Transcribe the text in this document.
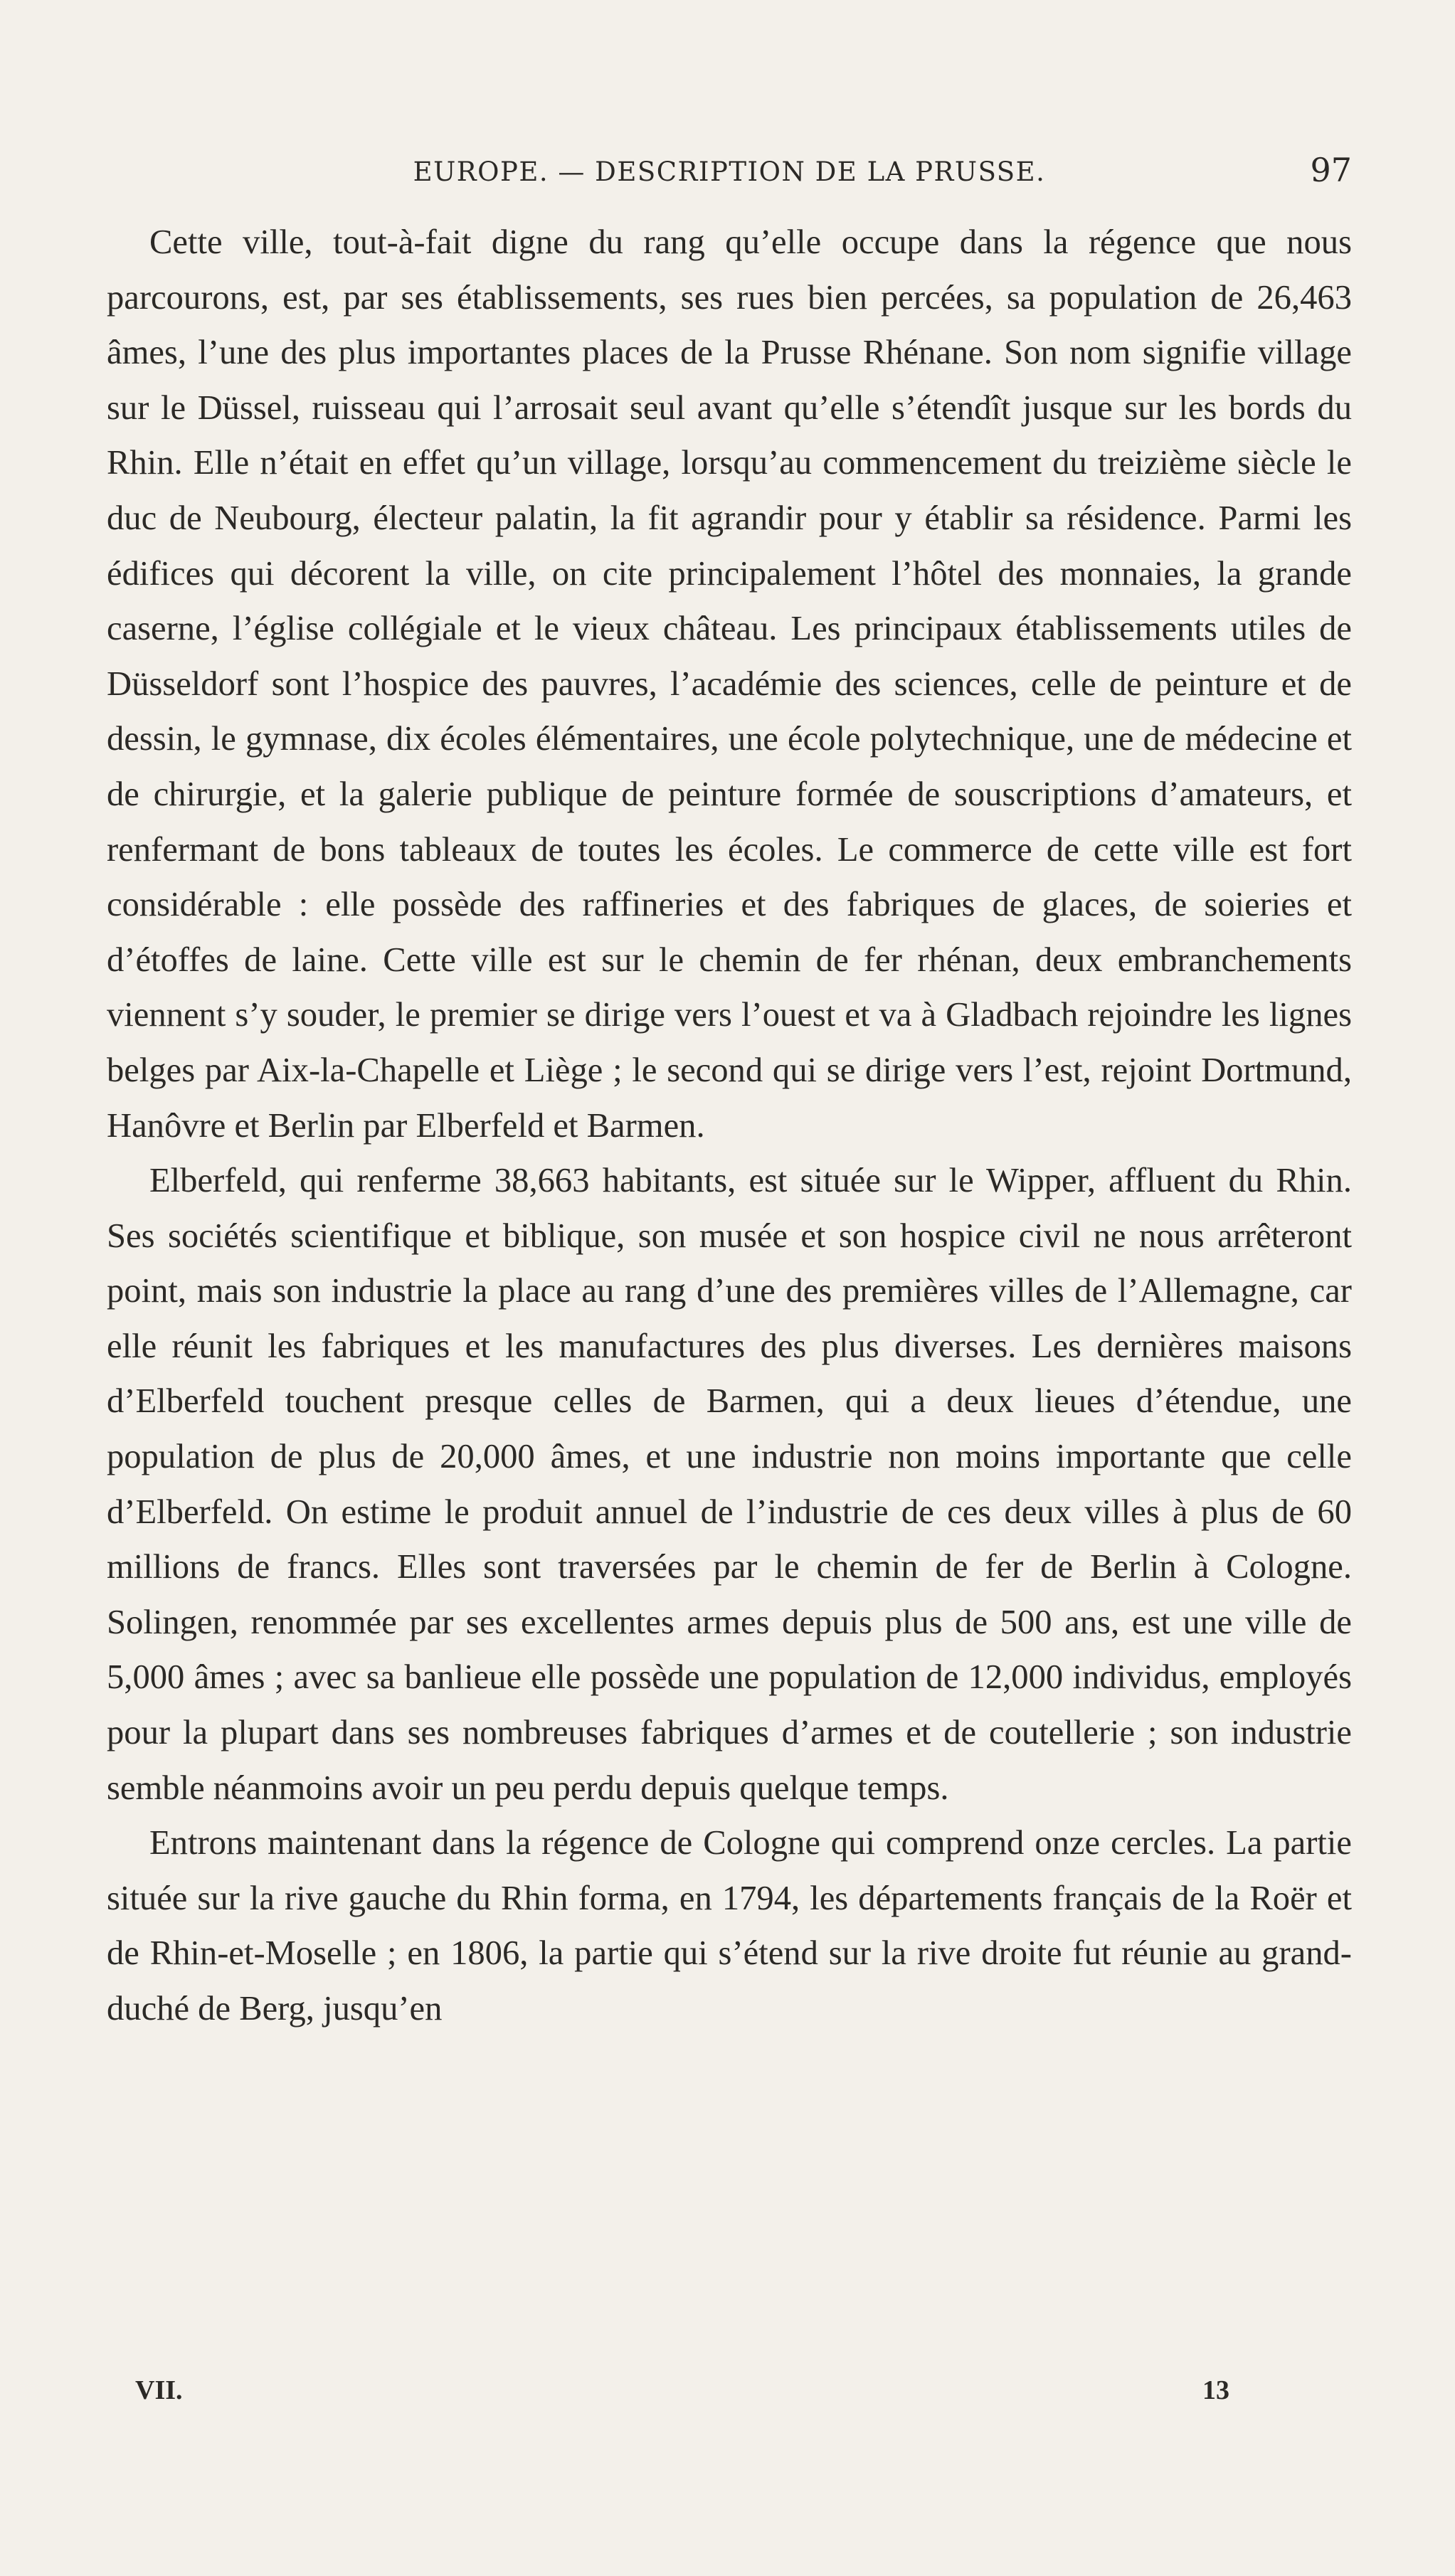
EUROPE. — DESCRIPTION DE LA PRUSSE.	97

Cette ville, tout-à-fait digne du rang qu’elle occupe dans la régence que nous parcourons, est, par ses établissements, ses rues bien percées, sa population de 26,463 âmes, l’une des plus importantes places de la Prusse Rhénane. Son nom signifie village sur le Düssel, ruisseau qui l’arrosait seul avant qu’elle s’étendît jusque sur les bords du Rhin. Elle n’était en effet qu’un village, lorsqu’au commencement du treizième siècle le duc de Neubourg, électeur palatin, la fit agrandir pour y établir sa résidence. Parmi les édifices qui décorent la ville, on cite principalement l’hôtel des monnaies, la grande caserne, l’église collégiale et le vieux château. Les principaux établissements utiles de Düsseldorf sont l’hospice des pauvres, l’académie des sciences, celle de peinture et de dessin, le gymnase, dix écoles élémentaires, une école polytechnique, une de médecine et de chirurgie, et la galerie publique de peinture formée de souscriptions d’amateurs, et renfermant de bons tableaux de toutes les écoles. Le commerce de cette ville est fort considérable : elle possède des raffineries et des fabriques de glaces, de soieries et d’étoffes de laine. Cette ville est sur le chemin de fer rhénan, deux embranchements viennent s’y souder, le premier se dirige vers l’ouest et va à Gladbach rejoindre les lignes belges par Aix-la-Chapelle et Liège ; le second qui se dirige vers l’est, rejoint Dortmund, Hanôvre et Berlin par Elberfeld et Barmen.

Elberfeld, qui renferme 38,663 habitants, est située sur le Wipper, affluent du Rhin. Ses sociétés scientifique et biblique, son musée et son hospice civil ne nous arrêteront point, mais son industrie la place au rang d’une des premières villes de l’Allemagne, car elle réunit les fabriques et les manufactures des plus diverses. Les dernières maisons d’Elberfeld touchent presque celles de Barmen, qui a deux lieues d’étendue, une population de plus de 20,000 âmes, et une industrie non moins importante que celle d’Elberfeld. On estime le produit annuel de l’industrie de ces deux villes à plus de 60 millions de francs. Elles sont traversées par le chemin de fer de Berlin à Cologne. Solingen, renommée par ses excellentes armes depuis plus de 500 ans, est une ville de 5,000 âmes ; avec sa banlieue elle possède une population de 12,000 individus, employés pour la plupart dans ses nombreuses fabriques d’armes et de coutellerie ; son industrie semble néanmoins avoir un peu perdu depuis quelque temps.

Entrons maintenant dans la régence de Cologne qui comprend onze cercles. La partie située sur la rive gauche du Rhin forma, en 1794, les départements français de la Roër et de Rhin-et-Moselle ; en 1806, la partie qui s’étend sur la rive droite fut réunie au grand-duché de Berg, jusqu’en

VII.	13
